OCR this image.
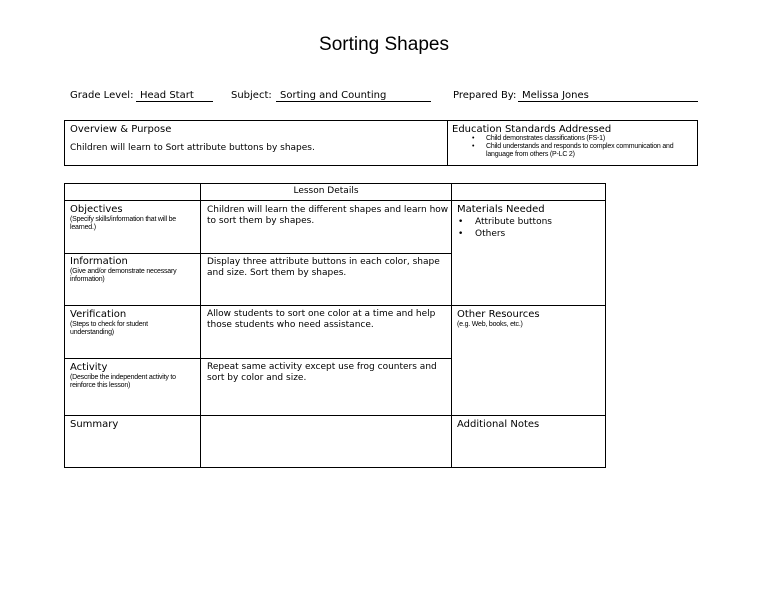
Sorting Shapes
Grade Level: Head Start	Subject: Sorting and Counting	Prepared By: Melissa Jones
Overview & Purpose
Children will learn to Sort attribute buttons by shapes.
Education Standards Addressed
• Child demonstrates classifications (FS-1)
• Child understands and responds to complex communication and language from others (P-LC 2)
Lesson Details
Objectives
(Specify skills/information that will be learned.)
Children will learn the different shapes and learn how to sort them by shapes.
Information
(Give and/or demonstrate necessary information)
Display three attribute buttons in each color, shape and size. Sort them by shapes.
Verification
(Steps to check for student understanding)
Allow students to sort one color at a time and help those students who need assistance.
Activity
(Describe the independent activity to reinforce this lesson)
Repeat same activity except use frog counters and sort by color and size.
Summary
Materials Needed
• Attribute buttons
• Others
Other Resources
(e.g. Web, books, etc.)
Additional Notes
